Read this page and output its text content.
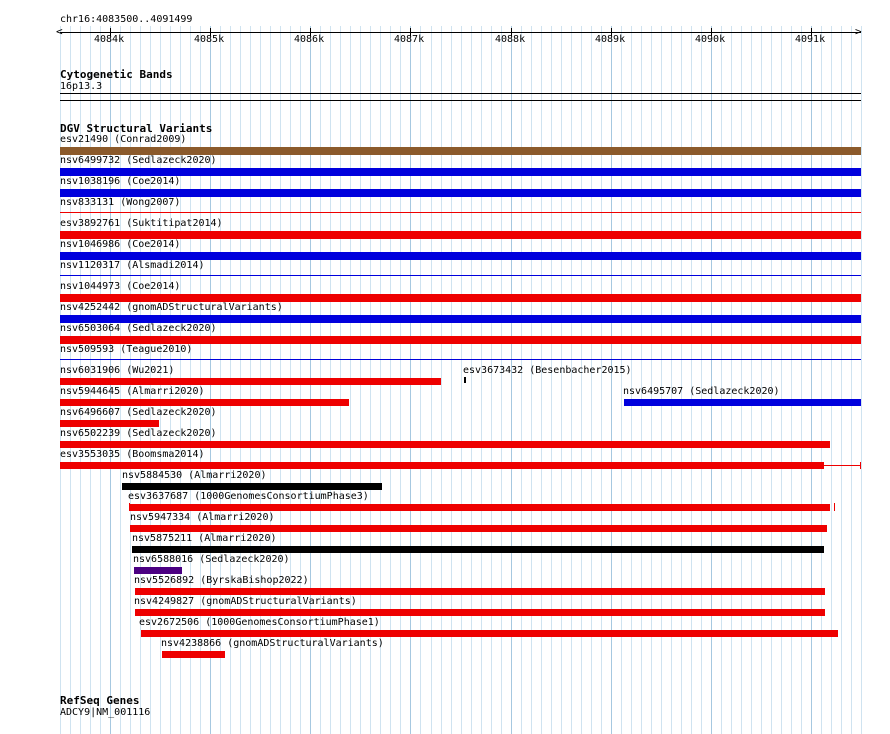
chr16:4083500..4091499
<	>
4084k	4085k	4086k	4087k	4088k	4089k	4090k	4091k
Cytogenetic Bands
16p13.3
DGV Structural Variants
esv21490 (Conrad2009)
nsv6499732 (Sedlazeck2020)
nsv1038196 (Coe2014)
nsv833131 (Wong2007)
esv3892761 (Suktitipat2014)
nsv1046986 (Coe2014)
nsv1120317 (Alsmadi2014)
nsv1044973 (Coe2014)
nsv4252442 (gnomADStructuralVariants)
nsv6503064 (Sedlazeck2020)
nsv509593 (Teague2010)
nsv6031906 (Wu2021)	esv3673432 (Besenbacher2015)
nsv5944645 (Almarri2020)	nsv6495707 (Sedlazeck2020)
nsv6496607 (Sedlazeck2020)
nsv6502239 (Sedlazeck2020)
esv3553035 (Boomsma2014)
nsv5884530 (Almarri2020)
esv3637687 (1000GenomesConsortiumPhase3)
nsv5947334 (Almarri2020)
nsv5875211 (Almarri2020)
nsv6588016 (Sedlazeck2020)
nsv5526892 (ByrskaBishop2022)
nsv4249827 (gnomADStructuralVariants)
esv2672506 (1000GenomesConsortiumPhase1)
nsv4238866 (gnomADStructuralVariants)
RefSeq Genes
ADCY9|NM_001116
